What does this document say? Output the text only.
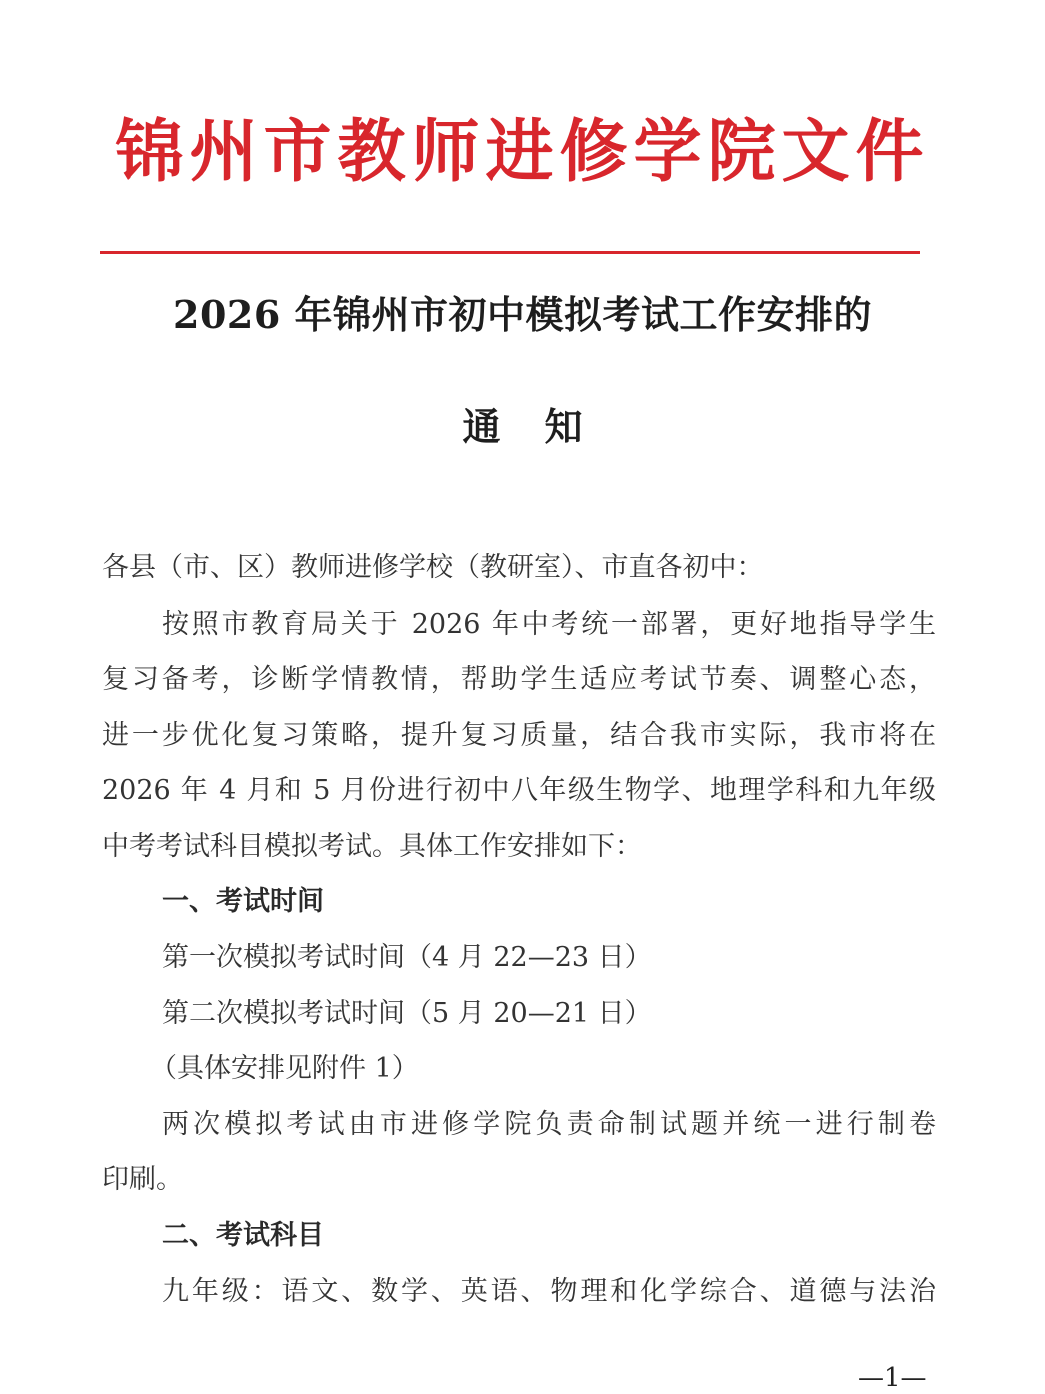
锦州市教师进修学院文件
2026 年锦州市初中模拟考试工作安排的
通知
各县（市、区）教师进修学校（教研室）、市直各初中：
按照市教育局关于 2026 年中考统一部署，更好地指导学生
复习备考，诊断学情教情，帮助学生适应考试节奏、调整心态，
进一步优化复习策略，提升复习质量，结合我市实际，我市将在
2026 年 4 月和 5 月份进行初中八年级生物学、地理学科和九年级
中考考试科目模拟考试。具体工作安排如下：
一、考试时间
第一次模拟考试时间（4 月 22—23 日）
第二次模拟考试时间（5 月 20—21 日）
（具体安排见附件 1）
两次模拟考试由市进修学院负责命制试题并统一进行制卷
印刷。
二、考试科目
九年级：语文、数学、英语、物理和化学综合、道德与法治
—1—
